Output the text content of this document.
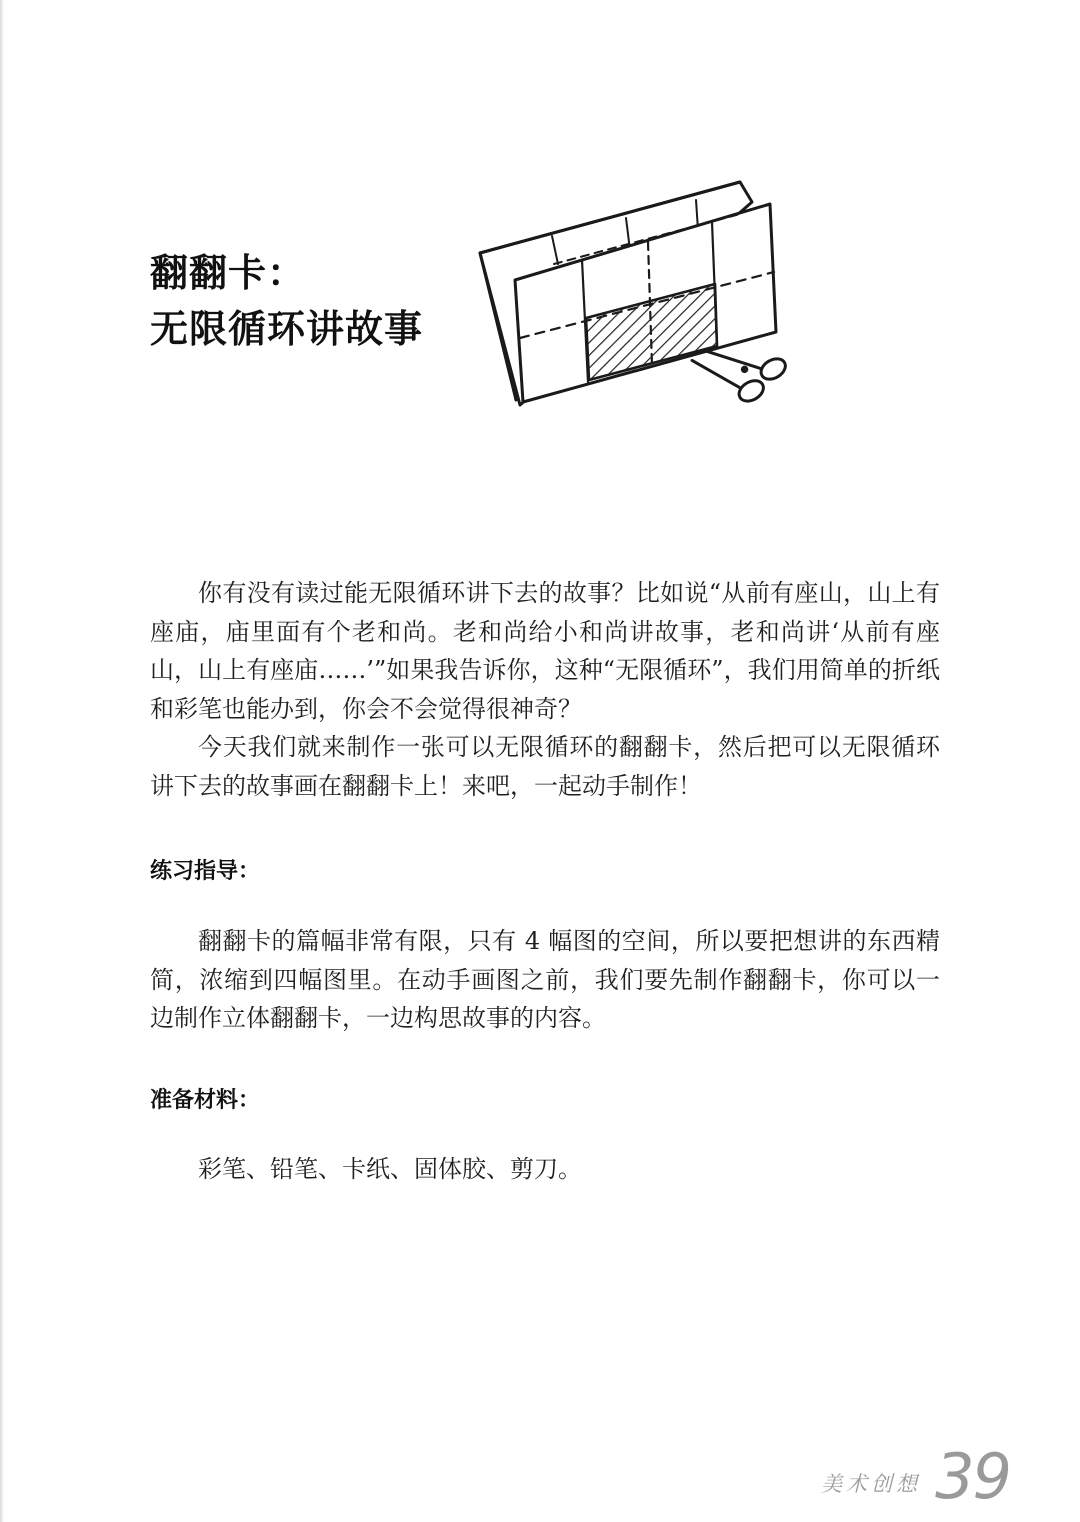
翻翻卡：
无限循环讲故事

你有没有读过能无限循环讲下去的故事？比如说“从前有座山，山上有座庙，庙里面有个老和尚。老和尚给小和尚讲故事，老和尚讲‘从前有座山，山上有座庙……’”如果我告诉你，这种“无限循环”，我们用简单的折纸和彩笔也能办到，你会不会觉得很神奇？

今天我们就来制作一张可以无限循环的翻翻卡，然后把可以无限循环讲下去的故事画在翻翻卡上！来吧，一起动手制作！

练习指导：

翻翻卡的篇幅非常有限，只有 4 幅图的空间，所以要把想讲的东西精简，浓缩到四幅图里。在动手画图之前，我们要先制作翻翻卡，你可以一边制作立体翻翻卡，一边构思故事的内容。

准备材料：

彩笔、铅笔、卡纸、固体胶、剪刀。

美术创想 39
